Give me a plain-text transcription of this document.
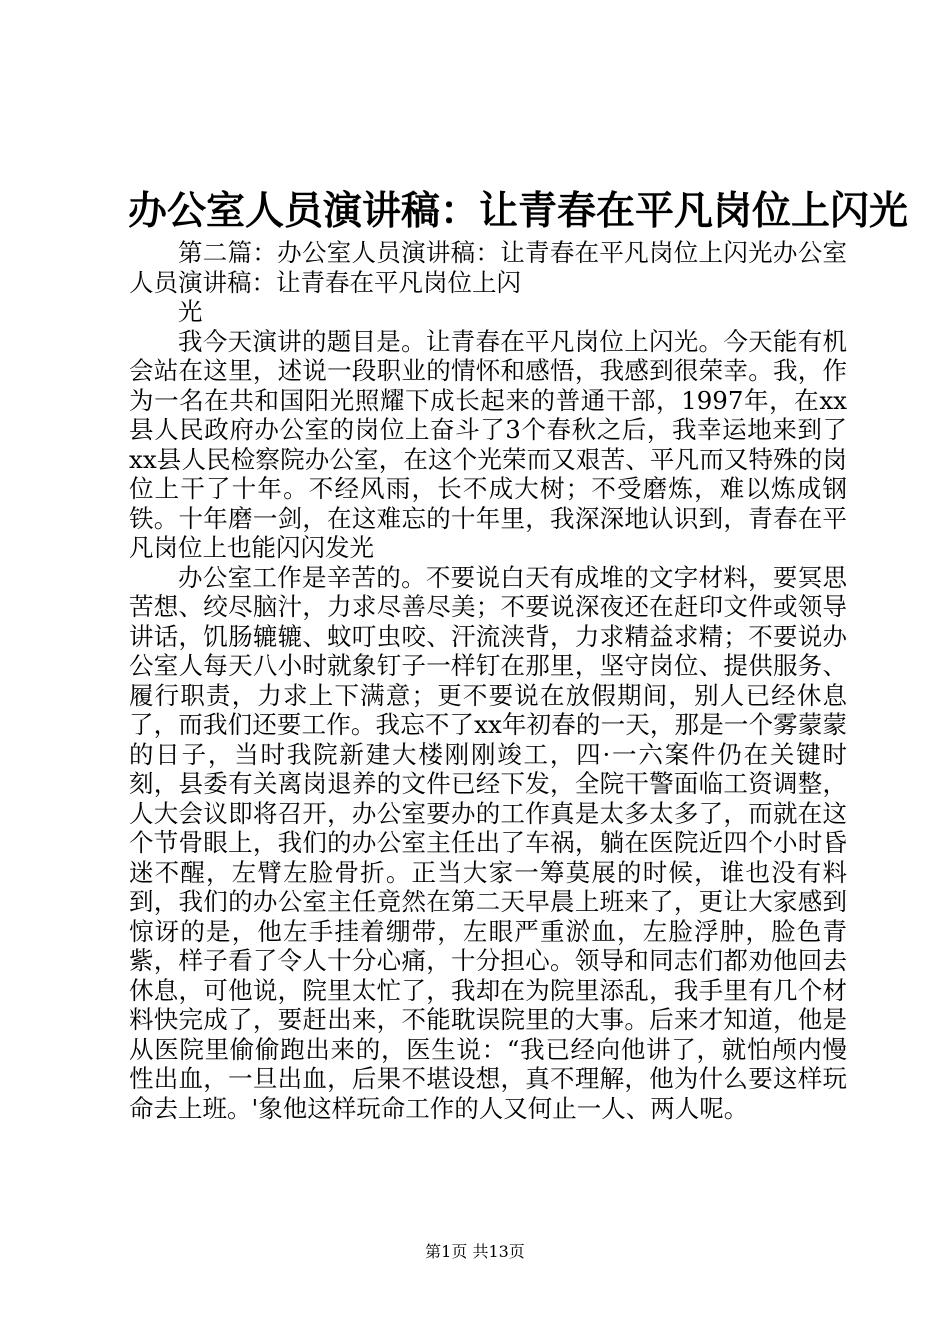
办公室人员演讲稿：让青春在平凡岗位上闪光

第二篇：办公室人员演讲稿：让青春在平凡岗位上闪光办公室人员演讲稿：让青春在平凡岗位上闪

光

我今天演讲的题目是。让青春在平凡岗位上闪光。今天能有机会站在这里，述说一段职业的情怀和感悟，我感到很荣幸。我，作为一名在共和国阳光照耀下成长起来的普通干部，1997年，在xx县人民政府办公室的岗位上奋斗了3个春秋之后，我幸运地来到了xx县人民检察院办公室，在这个光荣而又艰苦、平凡而又特殊的岗位上干了十年。不经风雨，长不成大树；不受磨炼，难以炼成钢铁。十年磨一剑，在这难忘的十年里，我深深地认识到，青春在平凡岗位上也能闪闪发光

办公室工作是辛苦的。不要说白天有成堆的文字材料，要冥思苦想、绞尽脑汁，力求尽善尽美；不要说深夜还在赶印文件或领导讲话，饥肠辘辘、蚊叮虫咬、汗流浃背，力求精益求精；不要说办公室人每天八小时就象钉子一样钉在那里，坚守岗位、提供服务、履行职责，力求上下满意；更不要说在放假期间，别人已经休息了，而我们还要工作。我忘不了xx年初春的一天，那是一个雾蒙蒙的日子，当时我院新建大楼刚刚竣工，四·一六案件仍在关键时刻，县委有关离岗退养的文件已经下发，全院干警面临工资调整，人大会议即将召开，办公室要办的工作真是太多太多了，而就在这个节骨眼上，我们的办公室主任出了车祸，躺在医院近四个小时昏迷不醒，左臂左脸骨折。正当大家一筹莫展的时候，谁也没有料到，我们的办公室主任竟然在第二天早晨上班来了，更让大家感到惊讶的是，他左手挂着绷带，左眼严重淤血，左脸浮肿，脸色青紫，样子看了令人十分心痛，十分担心。领导和同志们都劝他回去休息，可他说，院里太忙了，我却在为院里添乱，我手里有几个材料快完成了，要赶出来，不能耽误院里的大事。后来才知道，他是从医院里偷偷跑出来的，医生说：“我已经向他讲了，就怕颅内慢性出血，一旦出血，后果不堪设想，真不理解，他为什么要这样玩命去上班。'象他这样玩命工作的人又何止一人、两人呢。

第1页 共13页
